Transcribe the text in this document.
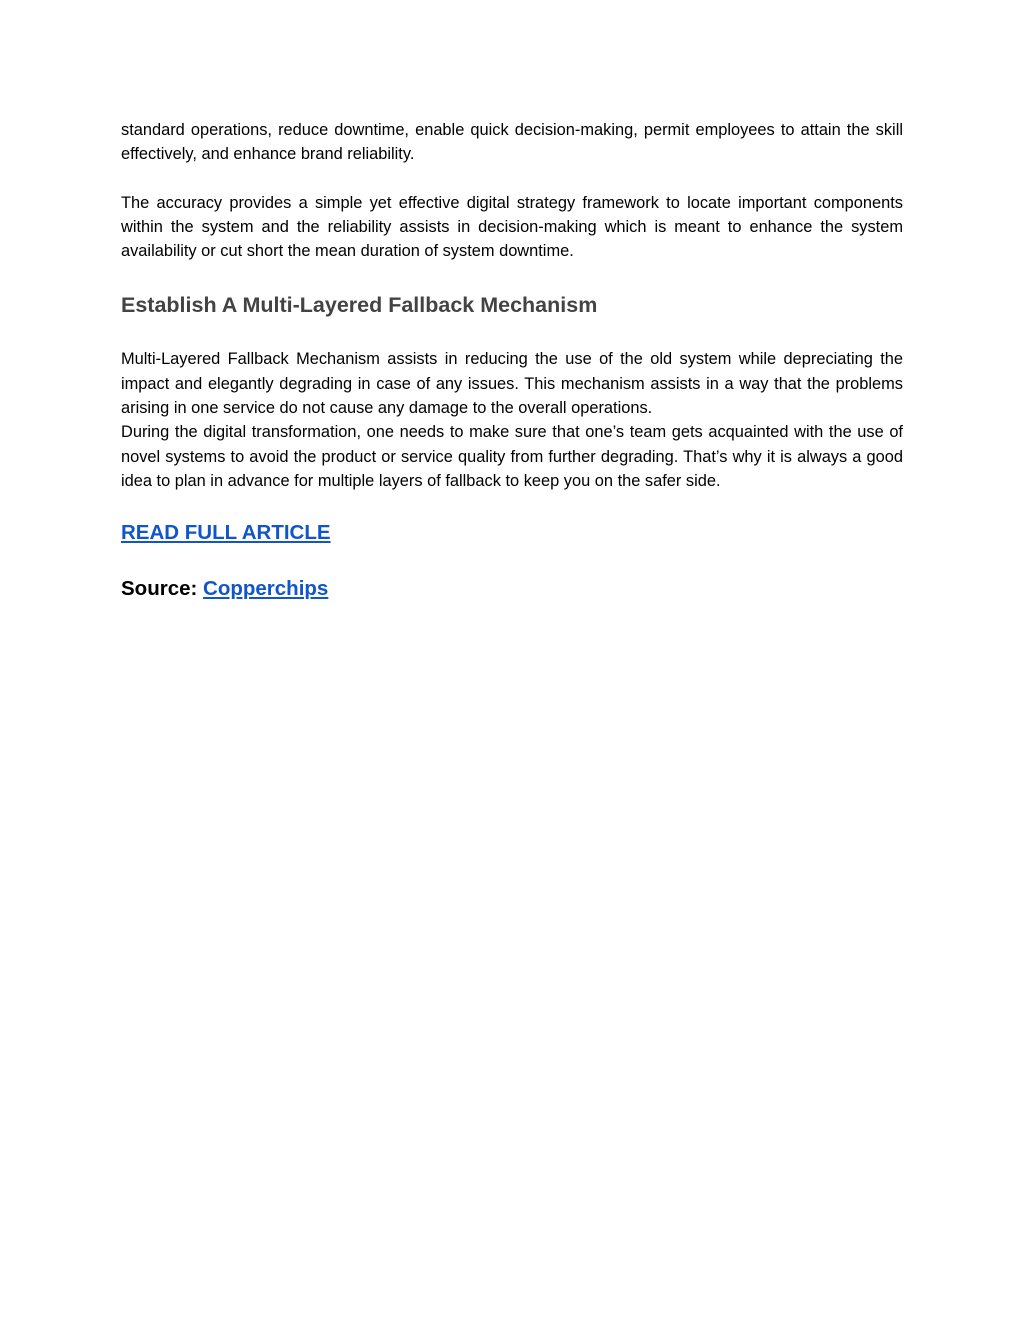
standard operations, reduce downtime, enable quick decision-making, permit employees to attain the skill effectively, and enhance brand reliability.

The accuracy provides a simple yet effective digital strategy framework to locate important components within the system and the reliability assists in decision-making which is meant to enhance the system availability or cut short the mean duration of system downtime.

Establish A Multi-Layered Fallback Mechanism

Multi-Layered Fallback Mechanism assists in reducing the use of the old system while depreciating the impact and elegantly degrading in case of any issues. This mechanism assists in a way that the problems arising in one service do not cause any damage to the overall operations.

During the digital transformation, one needs to make sure that one’s team gets acquainted with the use of novel systems to avoid the product or service quality from further degrading. That’s why it is always a good idea to plan in advance for multiple layers of fallback to keep you on the safer side.

READ FULL ARTICLE
Source: Copperchips
